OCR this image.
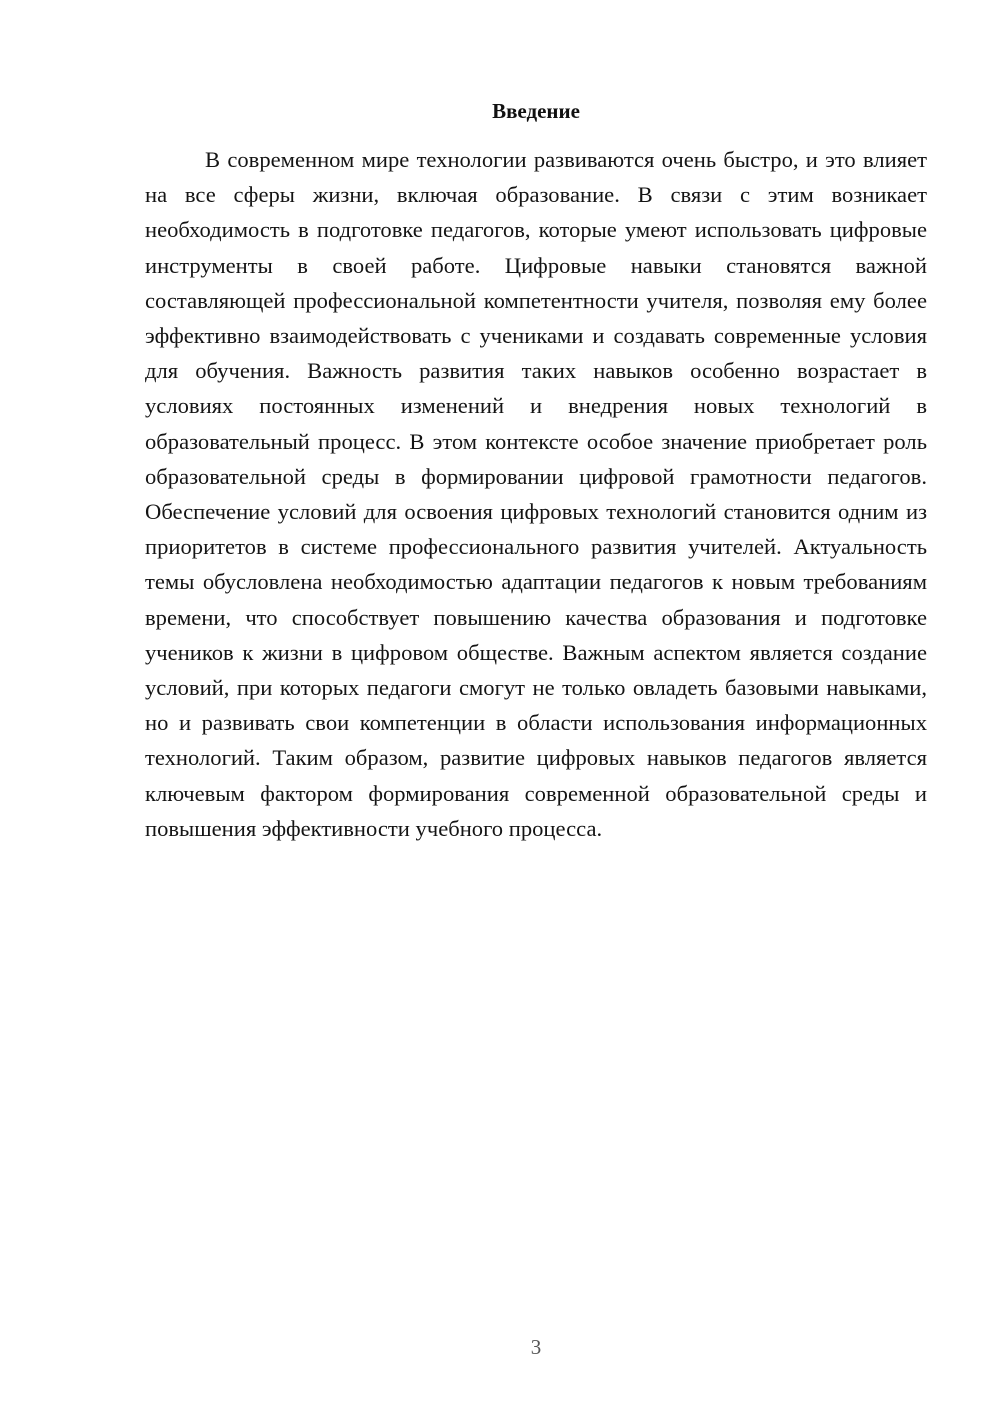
Введение

В современном мире технологии развиваются очень быстро, и это влияет на все сферы жизни, включая образование. В связи с этим возникает необходимость в подготовке педагогов, которые умеют использовать цифровые инструменты в своей работе. Цифровые навыки становятся важной составляющей профессиональной компетентности учителя, позволяя ему более эффективно взаимодействовать с учениками и создавать современные условия для обучения. Важность развития таких навыков особенно возрастает в условиях постоянных изменений и внедрения новых технологий в образовательный процесс. В этом контексте особое значение приобретает роль образовательной среды в формировании цифровой грамотности педагогов. Обеспечение условий для освоения цифровых технологий становится одним из приоритетов в системе профессионального развития учителей. Актуальность темы обусловлена необходимостью адаптации педагогов к новым требованиям времени, что способствует повышению качества образования и подготовке учеников к жизни в цифровом обществе. Важным аспектом является создание условий, при которых педагоги смогут не только овладеть базовыми навыками, но и развивать свои компетенции в области использования информационных технологий. Таким образом, развитие цифровых навыков педагогов является ключевым фактором формирования современной образовательной среды и повышения эффективности учебного процесса.

3
